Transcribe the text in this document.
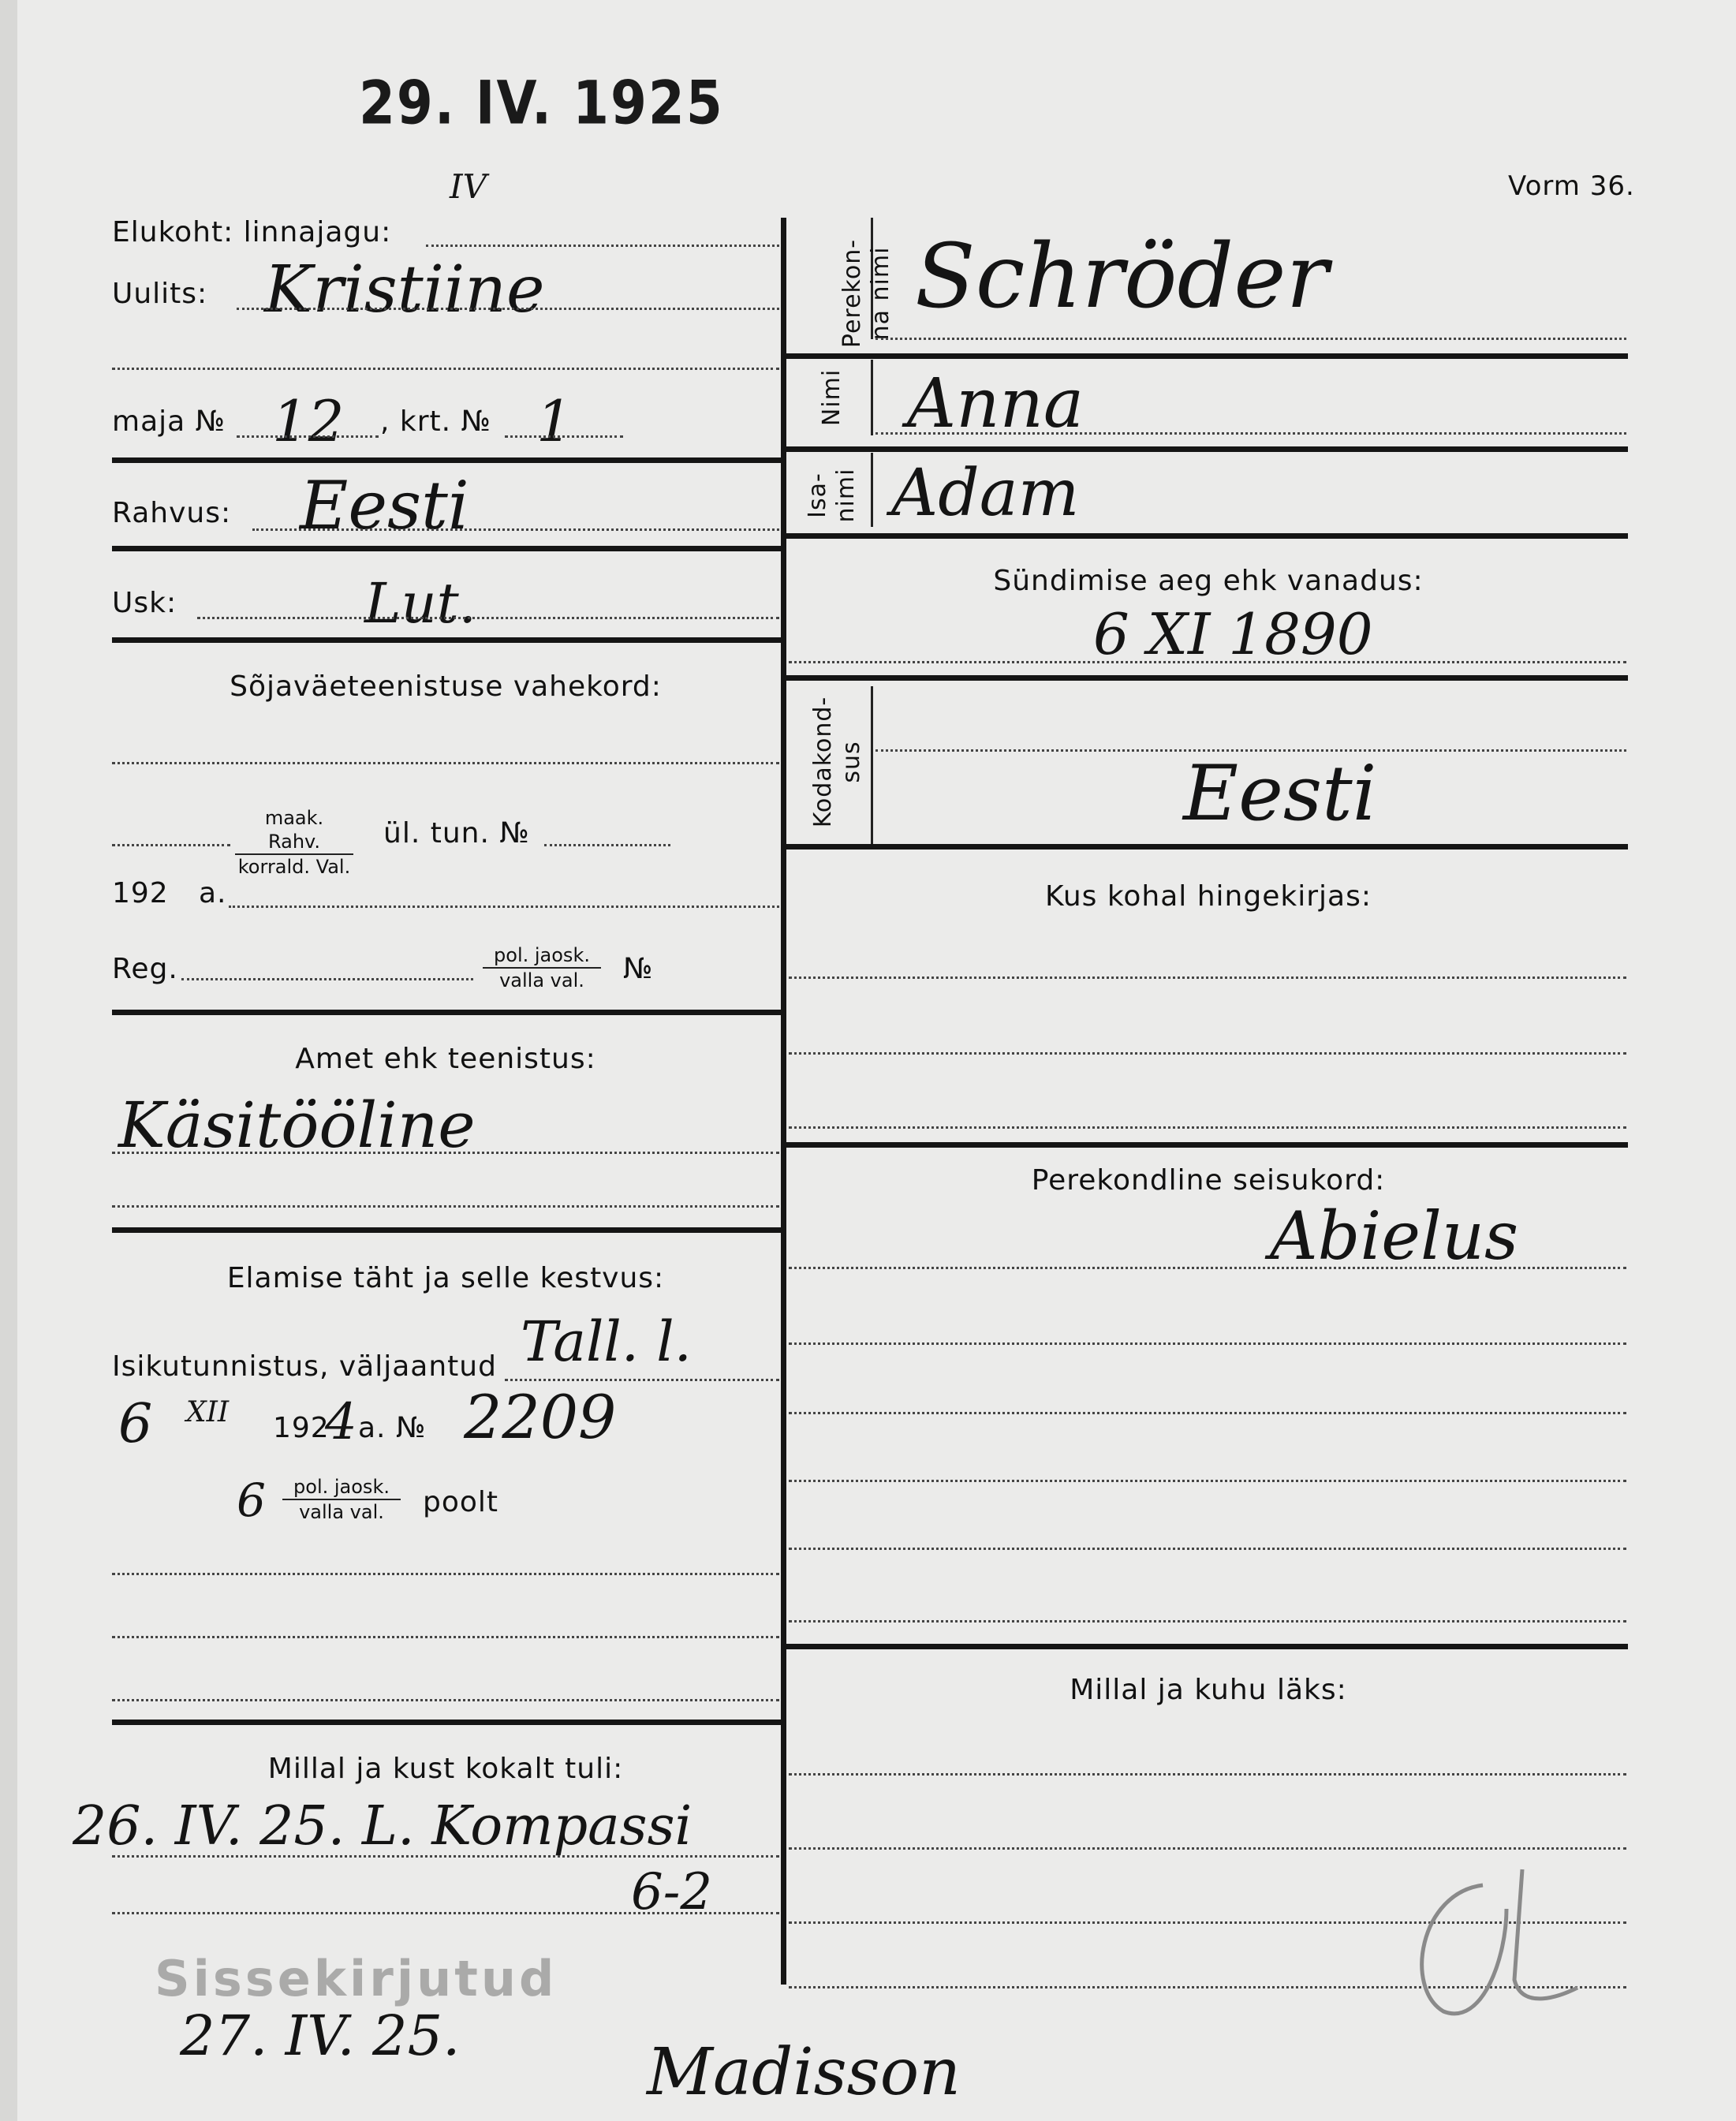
29. IV. 1925
Vorm 36.
Elukoht: linnajagu:
IV
Uulits: Kristiine
maja № 12 , krt. № 1
Rahvus: Eesti
Usk:	Lut.
Sõjaväeteenistuse vahekord:
maak. Rahv.
korrald. Val.
ül. tun. №
192 a.
Reg.	pol. jaosk.
valla val.	№
Amet ehk teenistus:
Käsitööline
Elamise täht ja selle kestvus:
Isikutunnistus, väljaantud Tall. l.
6 XII 192
4 a. № 2209
6	pol. jaosk.
valla val.	poolt
Millal ja kust kokalt tuli:
26. IV. 25. L. Kompassi
6-2
Sissekirjutud
27. IV. 25.	Madisson
Perekon-
na nimi Schröder
Nimi Anna
Isa-
nimi Adam
Sündimise aeg ehk vanadus:
6 XI 1890
Kodakond-
sus	Eesti
Kus kohal hingekirjas:
Perekondline seisukord:
Abielus
Millal ja kuhu läks:
